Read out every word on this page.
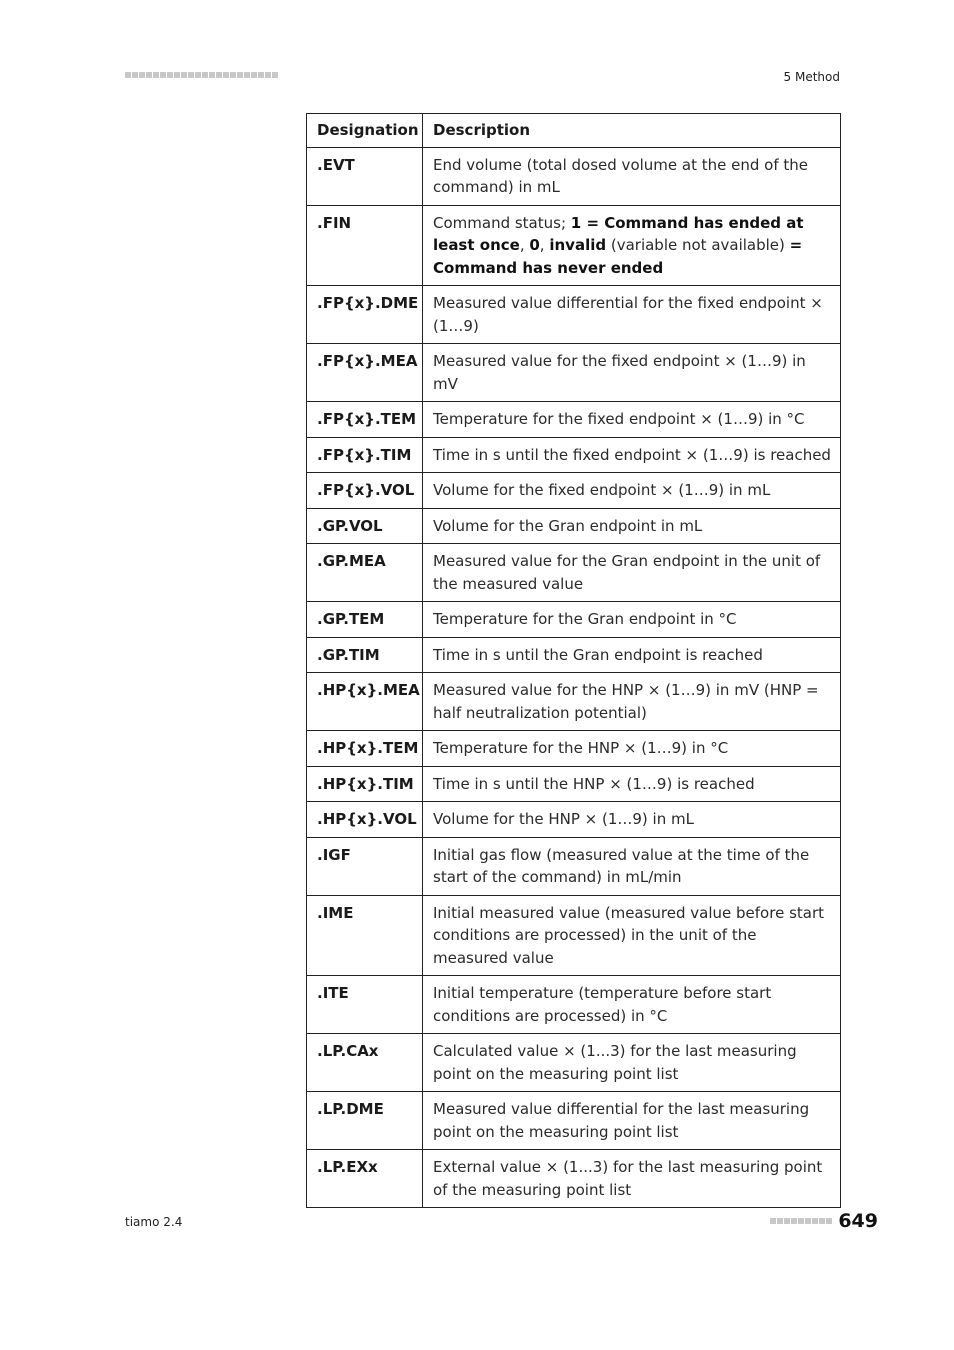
5 Method
Designation	Description
.EVT	End volume (total dosed volume at the end of the command) in mL
.FIN	Command status; 1 = Command has ended at least once, 0, invalid (variable not available) = Command has never ended
.FP{x}.DME	Measured value differential for the fixed endpoint × (1…9)
.FP{x}.MEA	Measured value for the fixed endpoint × (1…9) in mV
.FP{x}.TEM	Temperature for the fixed endpoint × (1…9) in °C
.FP{x}.TIM	Time in s until the fixed endpoint × (1…9) is reached
.FP{x}.VOL	Volume for the fixed endpoint × (1…9) in mL
.GP.VOL	Volume for the Gran endpoint in mL
.GP.MEA	Measured value for the Gran endpoint in the unit of the measured value
.GP.TEM	Temperature for the Gran endpoint in °C
.GP.TIM	Time in s until the Gran endpoint is reached
.HP{x}.MEA	Measured value for the HNP × (1…9) in mV (HNP = half neutralization potential)
.HP{x}.TEM	Temperature for the HNP × (1…9) in °C
.HP{x}.TIM	Time in s until the HNP × (1…9) is reached
.HP{x}.VOL	Volume for the HNP × (1…9) in mL
.IGF	Initial gas flow (measured value at the time of the start of the command) in mL/min
.IME	Initial measured value (measured value before start conditions are processed) in the unit of the measured value
.ITE	Initial temperature (temperature before start conditions are processed) in °C
.LP.CAx	Calculated value × (1...3) for the last measuring point on the measuring point list
.LP.DME	Measured value differential for the last measuring point on the measuring point list
.LP.EXx	External value × (1...3) for the last measuring point of the measuring point list
tiamo 2.4	649
